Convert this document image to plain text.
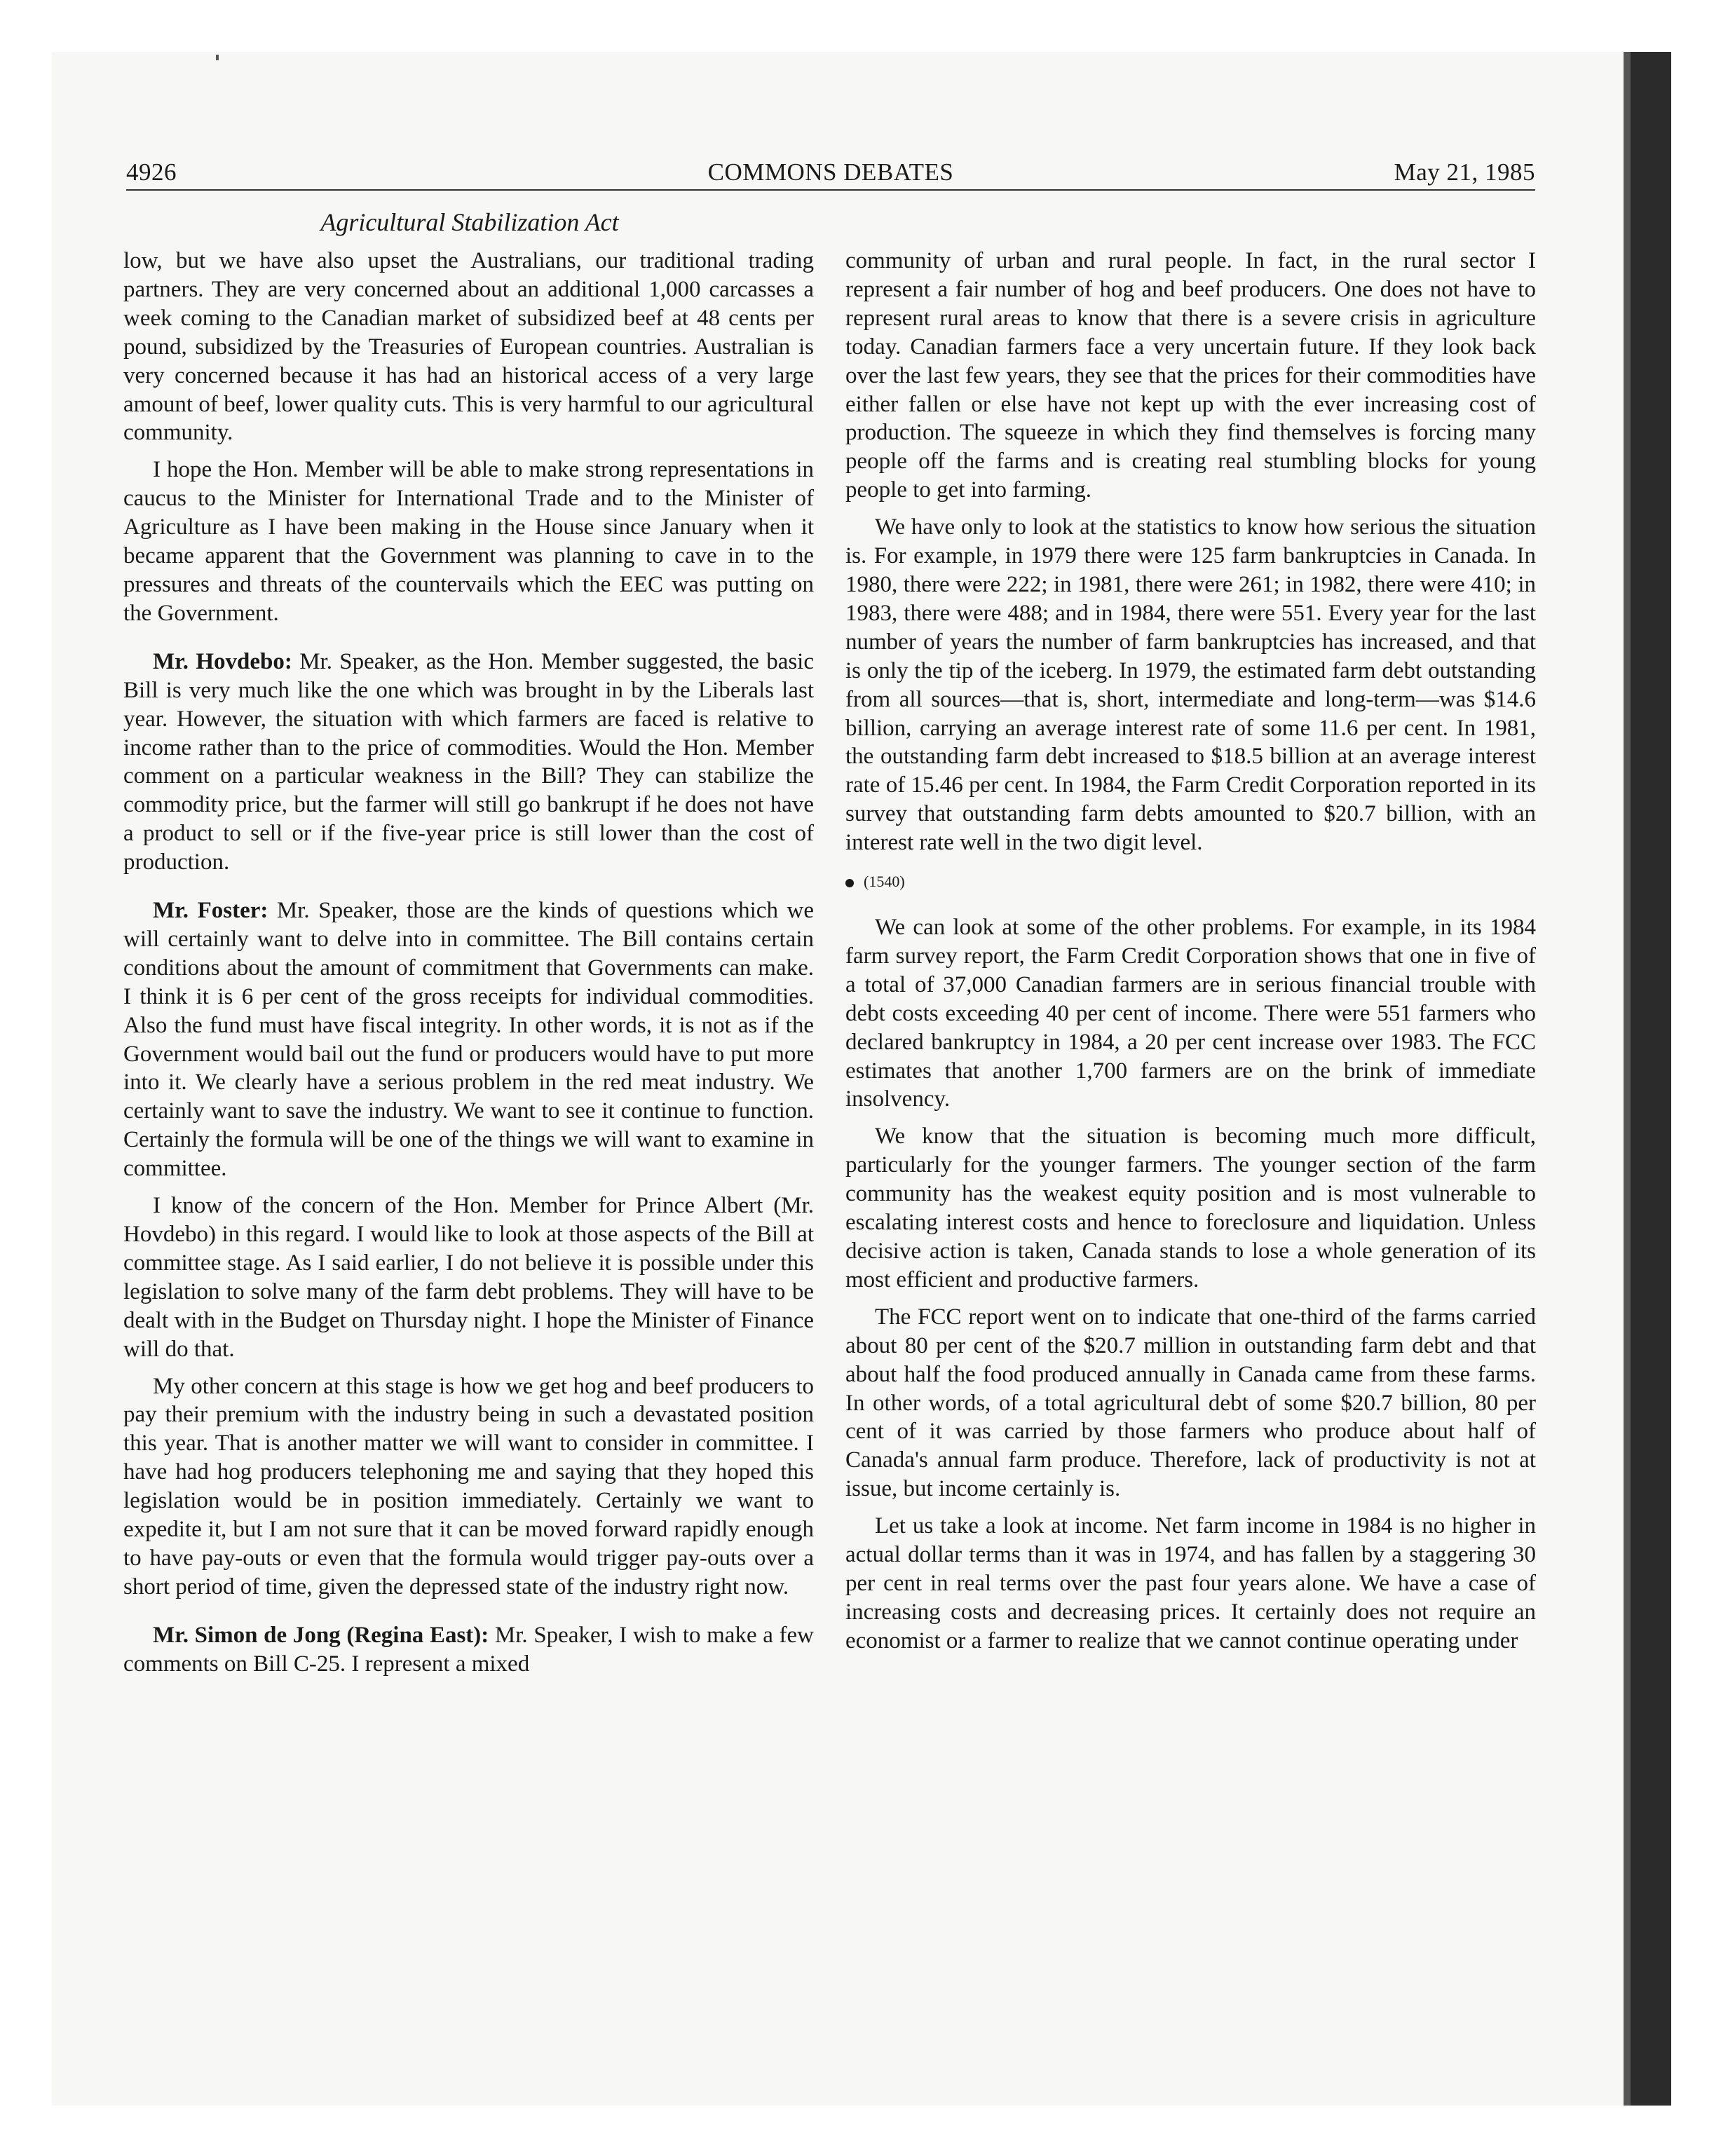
4926	COMMONS DEBATES	May 21, 1985
Agricultural Stabilization Act

low, but we have also upset the Australians, our traditional trading partners. They are very concerned about an additional 1,000 carcasses a week coming to the Canadian market of subsidized beef at 48 cents per pound, subsidized by the Treasuries of European countries. Australian is very concerned because it has had an historical access of a very large amount of beef, lower quality cuts. This is very harmful to our agricultural community.

I hope the Hon. Member will be able to make strong representations in caucus to the Minister for International Trade and to the Minister of Agriculture as I have been making in the House since January when it became apparent that the Government was planning to cave in to the pressures and threats of the countervails which the EEC was putting on the Government.

Mr. Hovdebo: Mr. Speaker, as the Hon. Member suggested, the basic Bill is very much like the one which was brought in by the Liberals last year. However, the situation with which farmers are faced is relative to income rather than to the price of commodities. Would the Hon. Member comment on a particular weakness in the Bill? They can stabilize the commodity price, but the farmer will still go bankrupt if he does not have a product to sell or if the five-year price is still lower than the cost of production.

Mr. Foster: Mr. Speaker, those are the kinds of questions which we will certainly want to delve into in committee. The Bill contains certain conditions about the amount of commitment that Governments can make. I think it is 6 per cent of the gross receipts for individual commodities. Also the fund must have fiscal integrity. In other words, it is not as if the Government would bail out the fund or producers would have to put more into it. We clearly have a serious problem in the red meat industry. We certainly want to save the industry. We want to see it continue to function. Certainly the formula will be one of the things we will want to examine in committee.

I know of the concern of the Hon. Member for Prince Albert (Mr. Hovdebo) in this regard. I would like to look at those aspects of the Bill at committee stage. As I said earlier, I do not believe it is possible under this legislation to solve many of the farm debt problems. They will have to be dealt with in the Budget on Thursday night. I hope the Minister of Finance will do that.

My other concern at this stage is how we get hog and beef producers to pay their premium with the industry being in such a devastated position this year. That is another matter we will want to consider in committee. I have had hog producers telephoning me and saying that they hoped this legislation would be in position immediately. Certainly we want to expedite it, but I am not sure that it can be moved forward rapidly enough to have pay-outs or even that the formula would trigger pay-outs over a short period of time, given the depressed state of the industry right now.

Mr. Simon de Jong (Regina East): Mr. Speaker, I wish to make a few comments on Bill C-25. I represent a mixed

community of urban and rural people. In fact, in the rural sector I represent a fair number of hog and beef producers. One does not have to represent rural areas to know that there is a severe crisis in agriculture today. Canadian farmers face a very uncertain future. If they look back over the last few years, they see that the prices for their commodities have either fallen or else have not kept up with the ever increasing cost of production. The squeeze in which they find themselves is forcing many people off the farms and is creating real stumbling blocks for young people to get into farming.

We have only to look at the statistics to know how serious the situation is. For example, in 1979 there were 125 farm bankruptcies in Canada. In 1980, there were 222; in 1981, there were 261; in 1982, there were 410; in 1983, there were 488; and in 1984, there were 551. Every year for the last number of years the number of farm bankruptcies has increased, and that is only the tip of the iceberg. In 1979, the estimated farm debt outstanding from all sources—that is, short, intermediate and long-term—was $14.6 billion, carrying an average interest rate of some 11.6 per cent. In 1981, the outstanding farm debt increased to $18.5 billion at an average interest rate of 15.46 per cent. In 1984, the Farm Credit Corporation reported in its survey that outstanding farm debts amounted to $20.7 billion, with an interest rate well in the two digit level.

(1540)

We can look at some of the other problems. For example, in its 1984 farm survey report, the Farm Credit Corporation shows that one in five of a total of 37,000 Canadian farmers are in serious financial trouble with debt costs exceeding 40 per cent of income. There were 551 farmers who declared bankruptcy in 1984, a 20 per cent increase over 1983. The FCC estimates that another 1,700 farmers are on the brink of immediate insolvency.

We know that the situation is becoming much more difficult, particularly for the younger farmers. The younger section of the farm community has the weakest equity position and is most vulnerable to escalating interest costs and hence to foreclosure and liquidation. Unless decisive action is taken, Canada stands to lose a whole generation of its most efficient and productive farmers.

The FCC report went on to indicate that one-third of the farms carried about 80 per cent of the $20.7 million in outstanding farm debt and that about half the food produced annually in Canada came from these farms. In other words, of a total agricultural debt of some $20.7 billion, 80 per cent of it was carried by those farmers who produce about half of Canada's annual farm produce. Therefore, lack of productivity is not at issue, but income certainly is.

Let us take a look at income. Net farm income in 1984 is no higher in actual dollar terms than it was in 1974, and has fallen by a staggering 30 per cent in real terms over the past four years alone. We have a case of increasing costs and decreasing prices. It certainly does not require an economist or a farmer to realize that we cannot continue operating under
